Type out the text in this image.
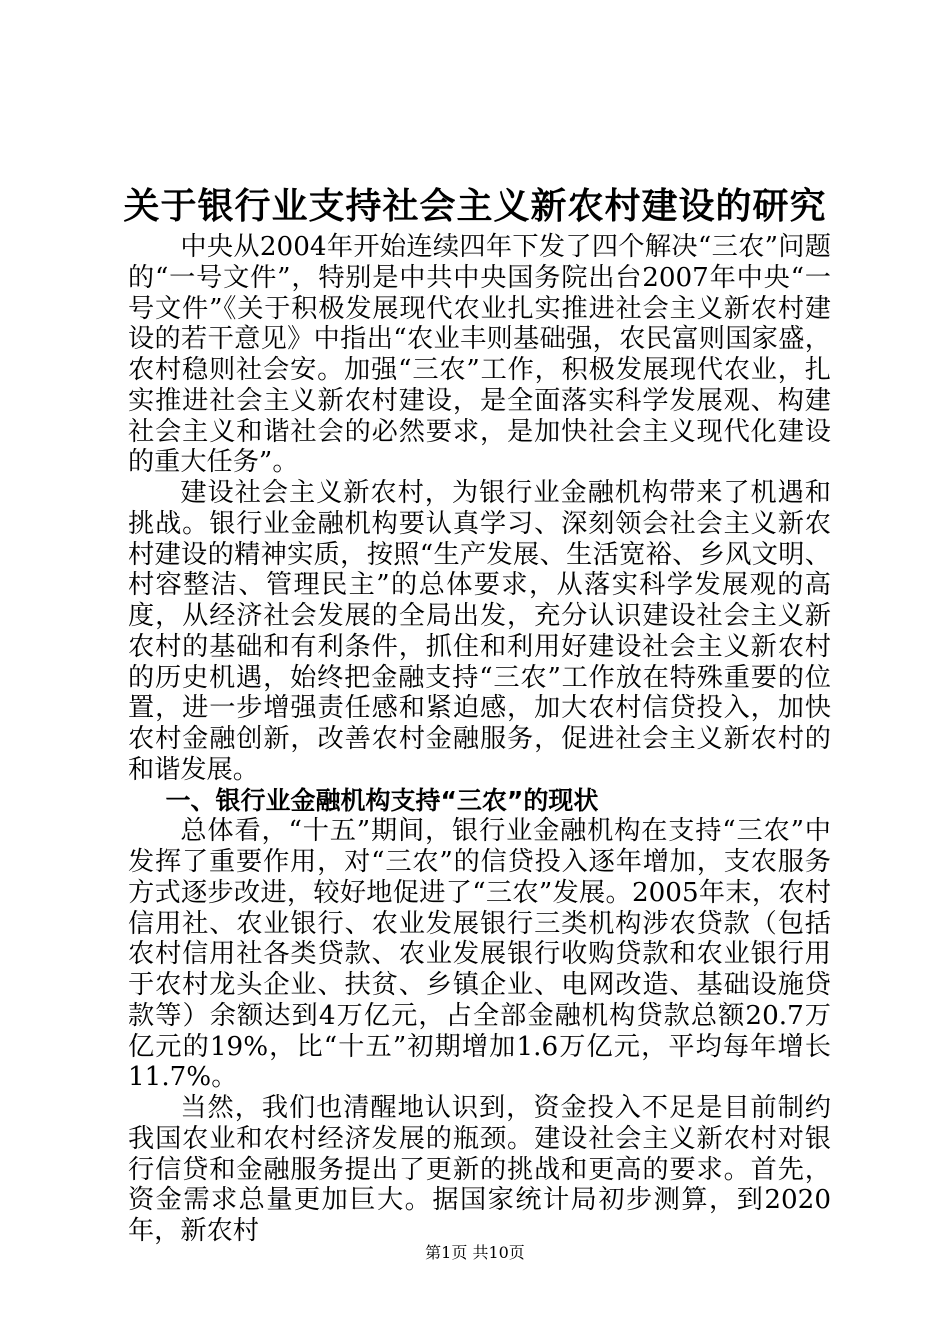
关于银行业支持社会主义新农村建设的研究

中央从2004年开始连续四年下发了四个解决“三农”问题的“一号文件”，特别是中共中央国务院出台2007年中央“一号文件”《关于积极发展现代农业扎实推进社会主义新农村建设的若干意见》中指出“农业丰则基础强，农民富则国家盛，农村稳则社会安。加强“三农”工作，积极发展现代农业，扎实推进社会主义新农村建设，是全面落实科学发展观、构建社会主义和谐社会的必然要求，是加快社会主义现代化建设的重大任务”。

建设社会主义新农村，为银行业金融机构带来了机遇和挑战。银行业金融机构要认真学习、深刻领会社会主义新农村建设的精神实质，按照“生产发展、生活宽裕、乡风文明、村容整洁、管理民主”的总体要求，从落实科学发展观的高度，从经济社会发展的全局出发，充分认识建设社会主义新农村的基础和有利条件，抓住和利用好建设社会主义新农村的历史机遇，始终把金融支持“三农”工作放在特殊重要的位置，进一步增强责任感和紧迫感，加大农村信贷投入，加快农村金融创新，改善农村金融服务，促进社会主义新农村的和谐发展。

一、银行业金融机构支持“三农”的现状

总体看，“十五”期间，银行业金融机构在支持“三农”中发挥了重要作用，对“三农”的信贷投入逐年增加，支农服务方式逐步改进，较好地促进了“三农”发展。2005年末，农村信用社、农业银行、农业发展银行三类机构涉农贷款（包括农村信用社各类贷款、农业发展银行收购贷款和农业银行用于农村龙头企业、扶贫、乡镇企业、电网改造、基础设施贷款等）余额达到4万亿元，占全部金融机构贷款总额20.7万亿元的19%，比“十五”初期增加1.6万亿元，平均每年增长11.7%。

当然，我们也清醒地认识到，资金投入不足是目前制约我国农业和农村经济发展的瓶颈。建设社会主义新农村对银行信贷和金融服务提出了更新的挑战和更高的要求。首先，资金需求总量更加巨大。据国家统计局初步测算，到2020年，新农村

第1页 共10页
